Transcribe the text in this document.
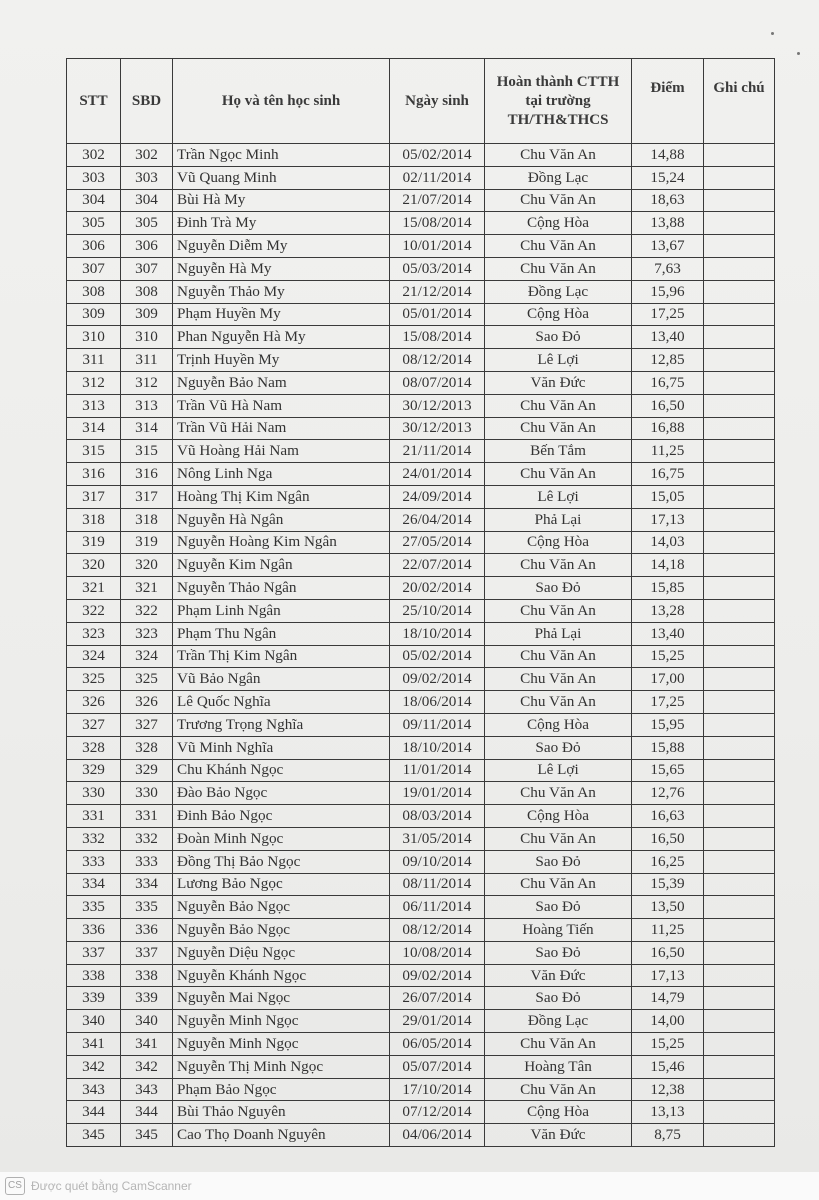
STT	SBD	Họ và tên học sinh	Ngày sinh	Hoàn thành CTTH
tại trường
TH/TH&THCS	Điểm	Ghi chú
302	302	Trần Ngọc Minh	05/02/2014	Chu Văn An	14,88	
303	303	Vũ Quang Minh	02/11/2014	Đồng Lạc	15,24	
304	304	Bùi Hà My	21/07/2014	Chu Văn An	18,63	
305	305	Đinh Trà My	15/08/2014	Cộng Hòa	13,88	
306	306	Nguyễn Diễm My	10/01/2014	Chu Văn An	13,67	
307	307	Nguyễn Hà My	05/03/2014	Chu Văn An	7,63	
308	308	Nguyễn Thảo My	21/12/2014	Đồng Lạc	15,96	
309	309	Phạm Huyền My	05/01/2014	Cộng Hòa	17,25	
310	310	Phan Nguyễn Hà My	15/08/2014	Sao Đỏ	13,40	
311	311	Trịnh Huyền My	08/12/2014	Lê Lợi	12,85	
312	312	Nguyễn Bảo Nam	08/07/2014	Văn Đức	16,75	
313	313	Trần Vũ Hà Nam	30/12/2013	Chu Văn An	16,50	
314	314	Trần Vũ Hải Nam	30/12/2013	Chu Văn An	16,88	
315	315	Vũ Hoàng Hải Nam	21/11/2014	Bến Tắm	11,25	
316	316	Nông Linh Nga	24/01/2014	Chu Văn An	16,75	
317	317	Hoàng Thị Kim Ngân	24/09/2014	Lê Lợi	15,05	
318	318	Nguyễn Hà Ngân	26/04/2014	Phả Lại	17,13	
319	319	Nguyễn Hoàng Kim Ngân	27/05/2014	Cộng Hòa	14,03	
320	320	Nguyễn Kim Ngân	22/07/2014	Chu Văn An	14,18	
321	321	Nguyễn Thảo Ngân	20/02/2014	Sao Đỏ	15,85	
322	322	Phạm Linh Ngân	25/10/2014	Chu Văn An	13,28	
323	323	Phạm Thu Ngân	18/10/2014	Phả Lại	13,40	
324	324	Trần Thị Kim Ngân	05/02/2014	Chu Văn An	15,25	
325	325	Vũ Bảo Ngân	09/02/2014	Chu Văn An	17,00	
326	326	Lê Quốc Nghĩa	18/06/2014	Chu Văn An	17,25	
327	327	Trương Trọng Nghĩa	09/11/2014	Cộng Hòa	15,95	
328	328	Vũ Minh Nghĩa	18/10/2014	Sao Đỏ	15,88	
329	329	Chu Khánh Ngọc	11/01/2014	Lê Lợi	15,65	
330	330	Đào Bảo Ngọc	19/01/2014	Chu Văn An	12,76	
331	331	Đinh Bảo Ngọc	08/03/2014	Cộng Hòa	16,63	
332	332	Đoàn Minh Ngọc	31/05/2014	Chu Văn An	16,50	
333	333	Đồng Thị Bảo Ngọc	09/10/2014	Sao Đỏ	16,25	
334	334	Lương Bảo Ngọc	08/11/2014	Chu Văn An	15,39	
335	335	Nguyễn Bảo Ngọc	06/11/2014	Sao Đỏ	13,50	
336	336	Nguyễn Bảo Ngọc	08/12/2014	Hoàng Tiến	11,25	
337	337	Nguyễn Diệu Ngọc	10/08/2014	Sao Đỏ	16,50	
338	338	Nguyễn Khánh Ngọc	09/02/2014	Văn Đức	17,13	
339	339	Nguyễn Mai Ngọc	26/07/2014	Sao Đỏ	14,79	
340	340	Nguyễn Minh Ngọc	29/01/2014	Đồng Lạc	14,00	
341	341	Nguyễn Minh Ngọc	06/05/2014	Chu Văn An	15,25	
342	342	Nguyễn Thị Minh Ngọc	05/07/2014	Hoàng Tân	15,46	
343	343	Phạm Bảo Ngọc	17/10/2014	Chu Văn An	12,38	
344	344	Bùi Thảo Nguyên	07/12/2014	Cộng Hòa	13,13	
345	345	Cao Thọ Doanh Nguyên	04/06/2014	Văn Đức	8,75	
CS Được quét bằng CamScanner
